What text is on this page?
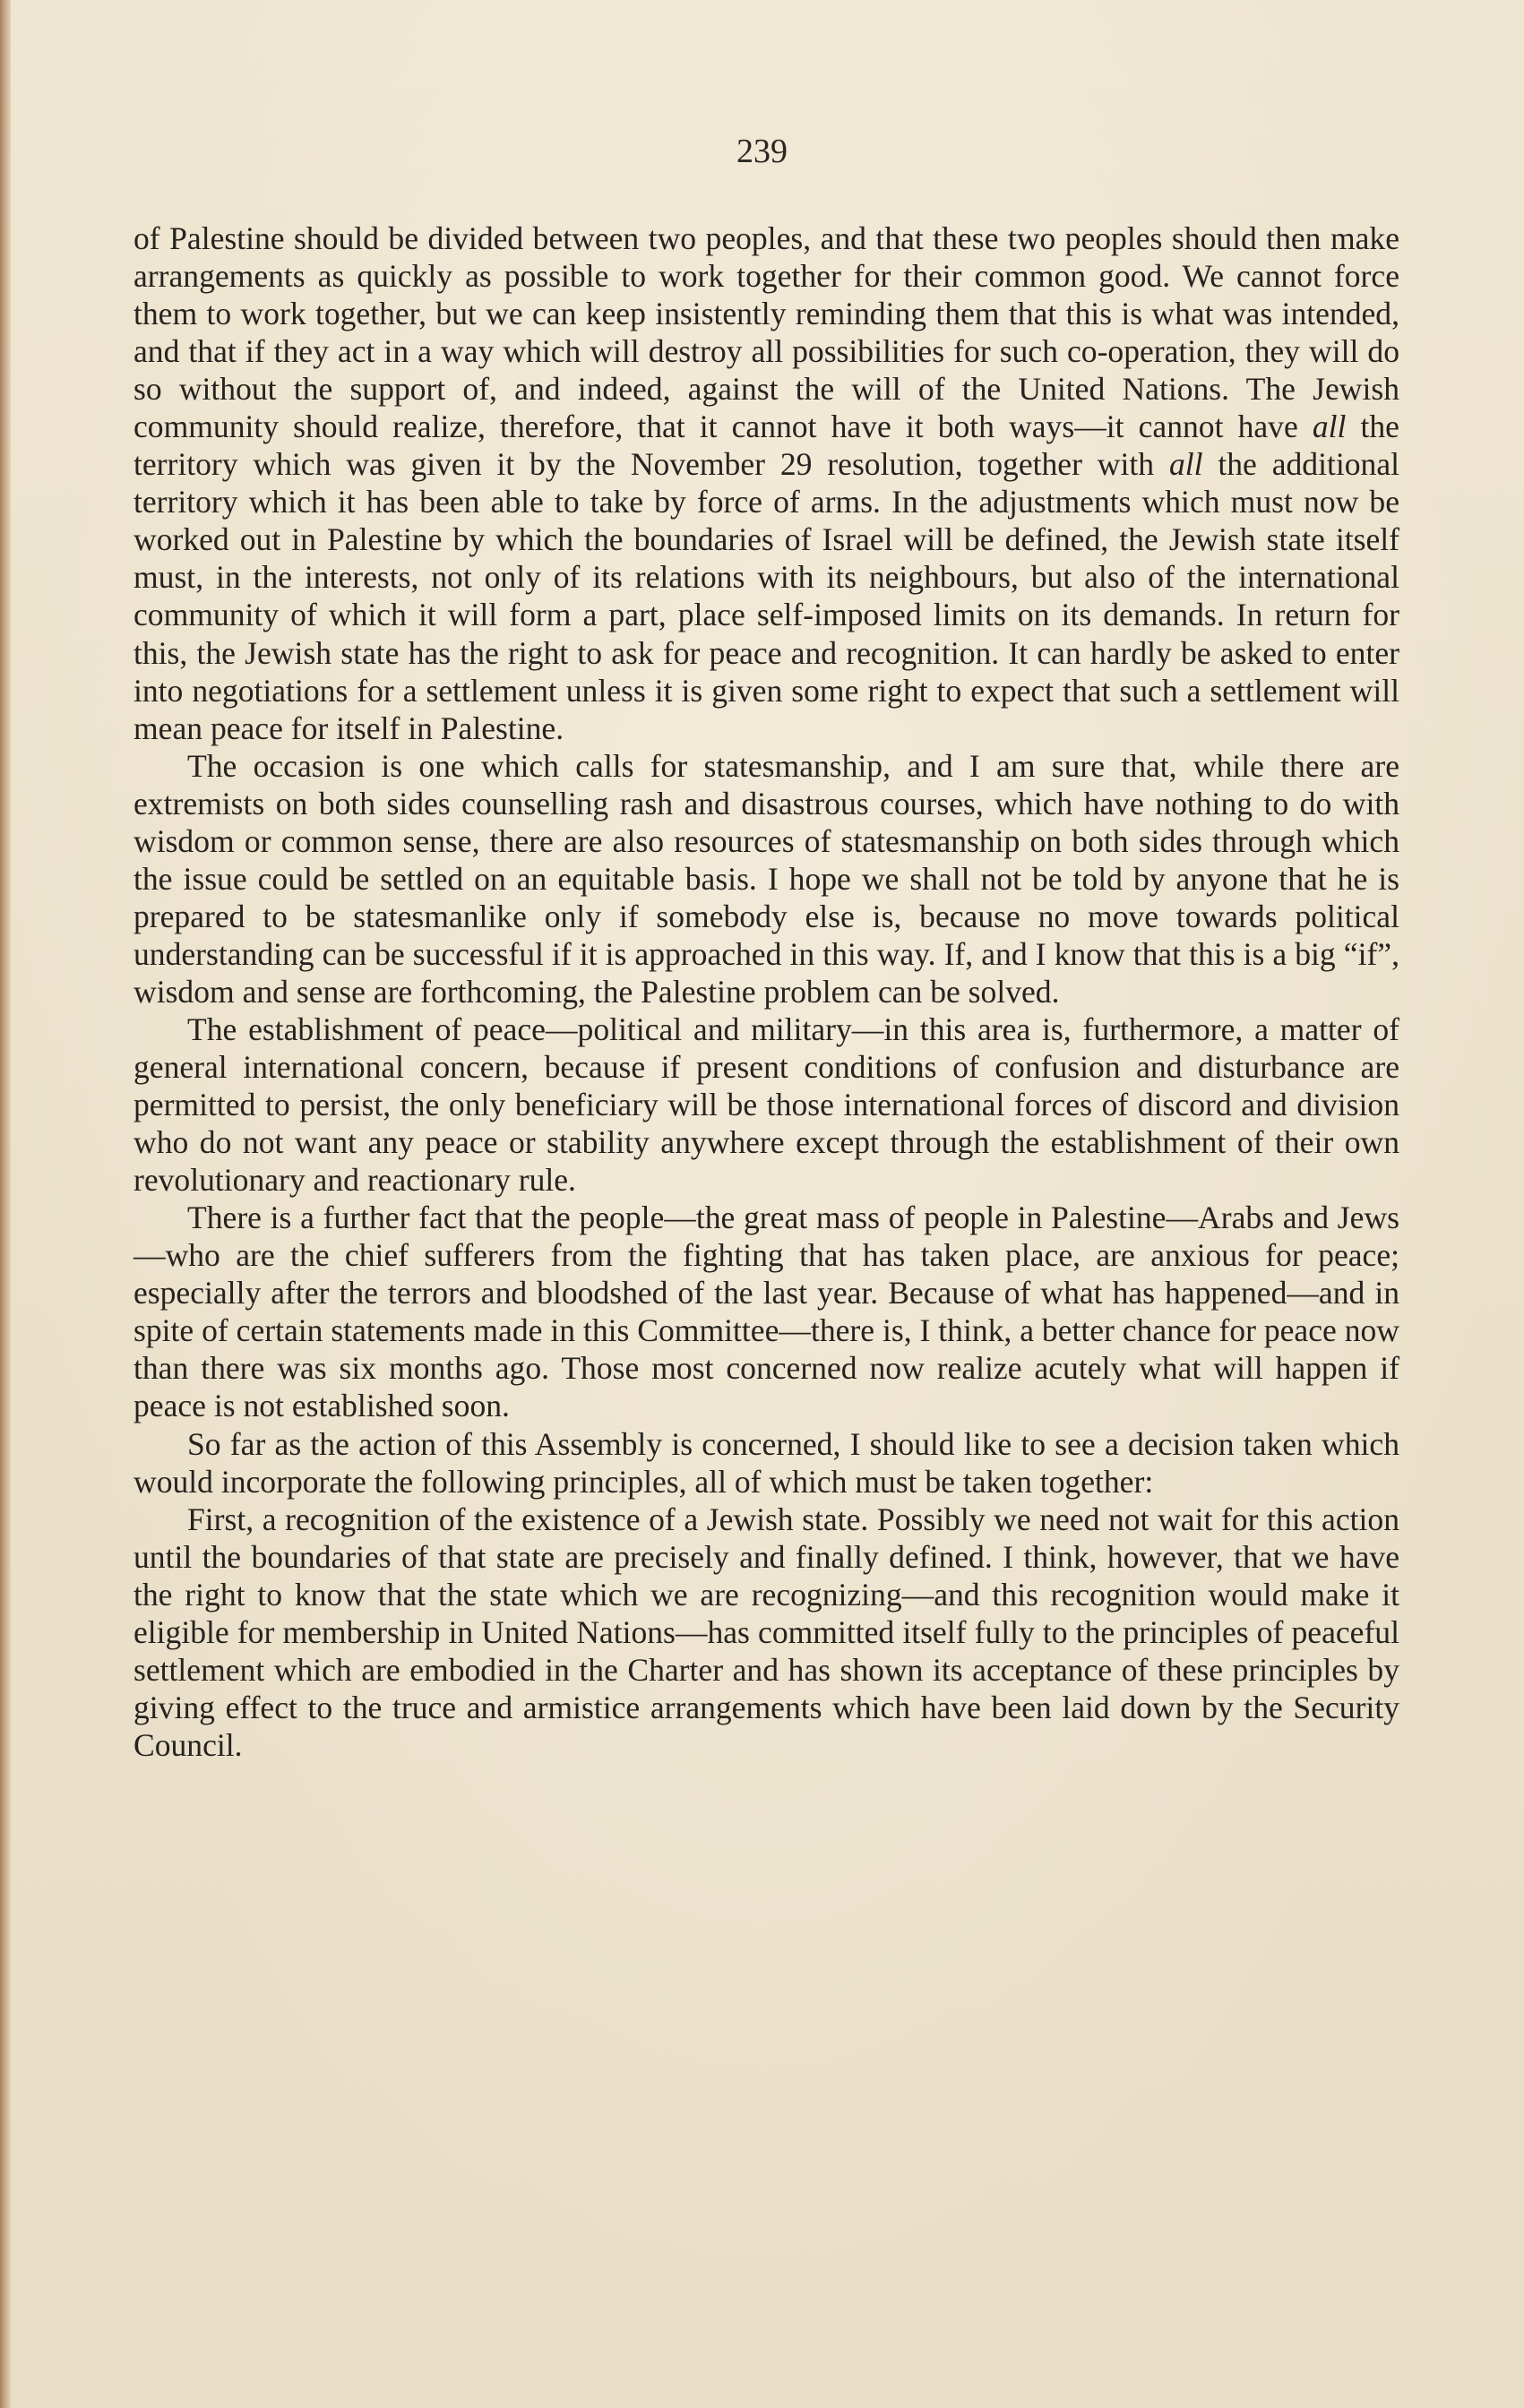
239

of Palestine should be divided between two peoples, and that these two peoples should then make arrangements as quickly as possible to work together for their common good. We cannot force them to work together, but we can keep insistently reminding them that this is what was intended, and that if they act in a way which will destroy all possibilities for such co-operation, they will do so without the support of, and indeed, against the will of the United Nations. The Jewish community should realize, therefore, that it cannot have it both ways—it cannot have all the territory which was given it by the November 29 resolution, together with all the additional territory which it has been able to take by force of arms. In the adjustments which must now be worked out in Palestine by which the boundaries of Israel will be defined, the Jewish state itself must, in the interests, not only of its relations with its neighbours, but also of the international community of which it will form a part, place self-imposed limits on its demands. In return for this, the Jewish state has the right to ask for peace and recognition. It can hardly be asked to enter into negotiations for a settlement unless it is given some right to expect that such a settlement will mean peace for itself in Palestine.

The occasion is one which calls for statesmanship, and I am sure that, while there are extremists on both sides counselling rash and disastrous courses, which have nothing to do with wisdom or common sense, there are also resources of statesmanship on both sides through which the issue could be settled on an equitable basis. I hope we shall not be told by anyone that he is prepared to be statesmanlike only if somebody else is, because no move towards political understanding can be successful if it is approached in this way. If, and I know that this is a big “if”, wisdom and sense are forthcoming, the Palestine problem can be solved.

The establishment of peace—political and military—in this area is, furthermore, a matter of general international concern, because if present conditions of confusion and disturbance are permitted to persist, the only beneficiary will be those international forces of discord and division who do not want any peace or stability anywhere except through the establishment of their own revolutionary and reactionary rule.

There is a further fact that the people—the great mass of people in Palestine—Arabs and Jews—who are the chief sufferers from the fighting that has taken place, are anxious for peace; especially after the terrors and bloodshed of the last year. Because of what has happened—and in spite of certain statements made in this Committee—there is, I think, a better chance for peace now than there was six months ago. Those most concerned now realize acutely what will happen if peace is not established soon.

So far as the action of this Assembly is concerned, I should like to see a decision taken which would incorporate the following principles, all of which must be taken together:

First, a recognition of the existence of a Jewish state. Possibly we need not wait for this action until the boundaries of that state are precisely and finally defined. I think, however, that we have the right to know that the state which we are recognizing—and this recognition would make it eligible for membership in United Nations—has committed itself fully to the principles of peaceful settlement which are embodied in the Charter and has shown its acceptance of these principles by giving effect to the truce and armistice arrangements which have been laid down by the Security Council.
